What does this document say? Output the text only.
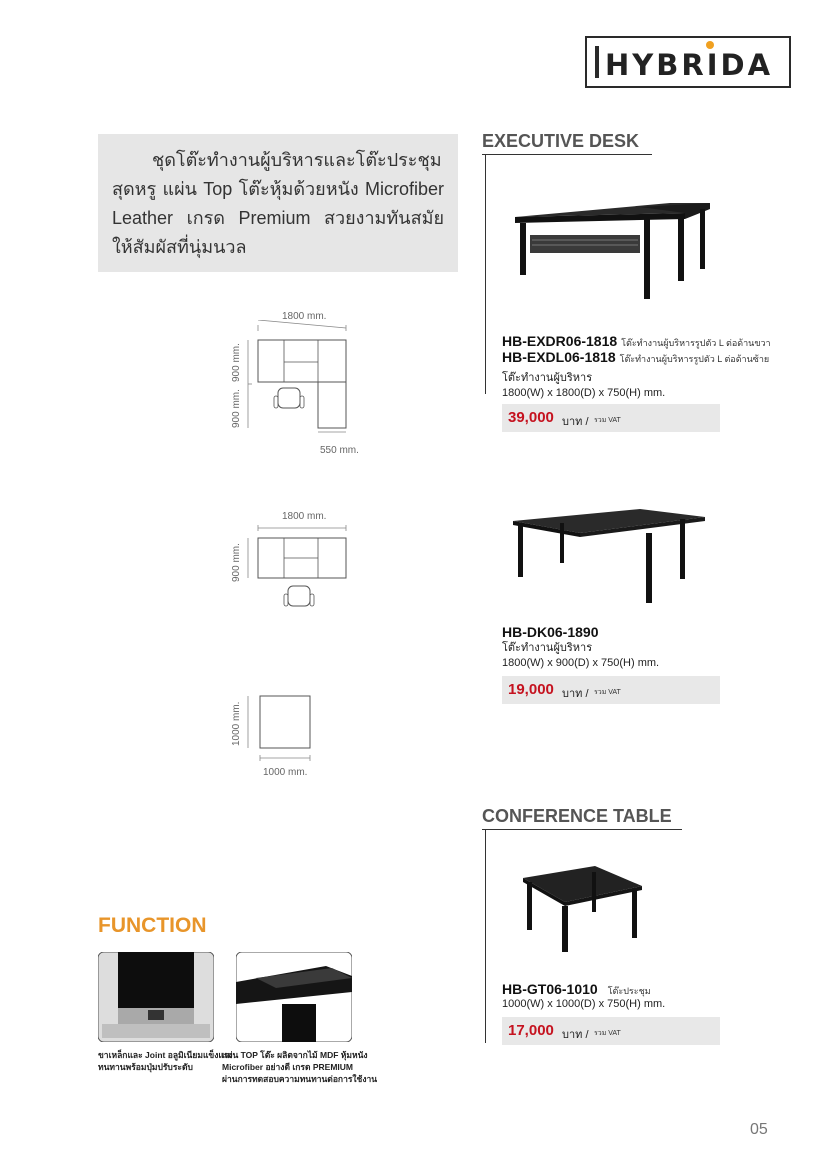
HYBRIDA

ชุดโต๊ะทำงานผู้บริหารและโต๊ะประชุม สุดหรู แผ่น Top โต๊ะหุ้มด้วยหนัง Microfiber Leather เกรด Premium สวยงามทันสมัย ให้สัมผัสที่นุ่มนวล

EXECUTIVE DESK
HB-EXDR06-1818 โต๊ะทำงานผู้บริหารรูปตัว L ต่อด้านขวา
HB-EXDL06-1818 โต๊ะทำงานผู้บริหารรูปตัว L ต่อด้านซ้าย
โต๊ะทำงานผู้บริหาร
1800(W) x 1800(D) x 750(H) mm.
39,000 บาท / รวม VAT
HB-DK06-1890
โต๊ะทำงานผู้บริหาร
1800(W) x 900(D) x 750(H) mm.
19,000 บาท / รวม VAT
CONFERENCE TABLE
HB-GT06-1010 โต๊ะประชุม
1000(W) x 1000(D) x 750(H) mm.
17,000 บาท / รวม VAT
1800 mm.
900 mm.
900 mm.
550 mm.
1800 mm.
900 mm.
1000 mm.
1000 mm.
FUNCTION
ขาเหล็กและ Joint อลูมิเนียมแข็งแรง
ทนทานพร้อมปุ่มปรับระดับ
แผ่น TOP โต๊ะ ผลิตจากไม้ MDF หุ้มหนัง
Microfiber อย่างดี เกรด PREMIUM
ผ่านการทดสอบความทนทานต่อการใช้งาน
05
